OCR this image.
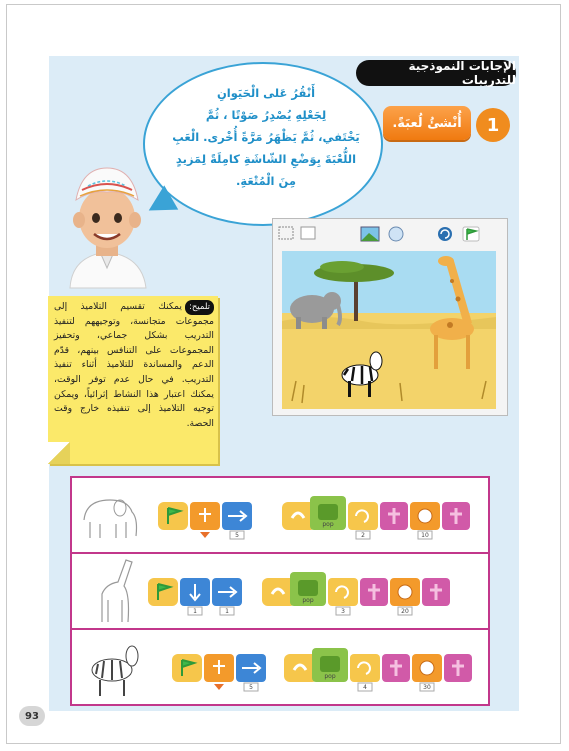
الإجابات النموذجية للتدريبات
1
أُنْشئُ لُعبَةً.
أَنْقُرُ عَلى الْحَيَوانِ
لِجَعْلِهِ يُصْدِرُ صَوْتًا ، ثُمَّ
يَخْتَفي، ثُمَّ يَظْهَرُ مَرَّةً أُخْرى. الْعَبِ
اللُّعْبَةَ بِوَضْعِ الشّاشَةِ كامِلَةً لِمَزيدٍ
مِنَ الْمُتْعَةِ.
تلميح:يمكنك تقسيم التلاميذ إلى مجموعات متجانسة، وتوجيههم لتنفيذ التدريب بشكل جماعي، وتحفيز المجموعات على التنافس بينهم، قدّم الدعم والمساندة للتلاميذ أثناء تنفيذ التدريب. في حال عدم توفر الوقت، يمكنك اعتبار هذا النشاط إثرائياً، ويمكن توجيه التلاميذ إلى تنفيذه خارج وقت الحصة.
5
pop
2	10
1	1
pop
3	20
5
pop
4	30
93
